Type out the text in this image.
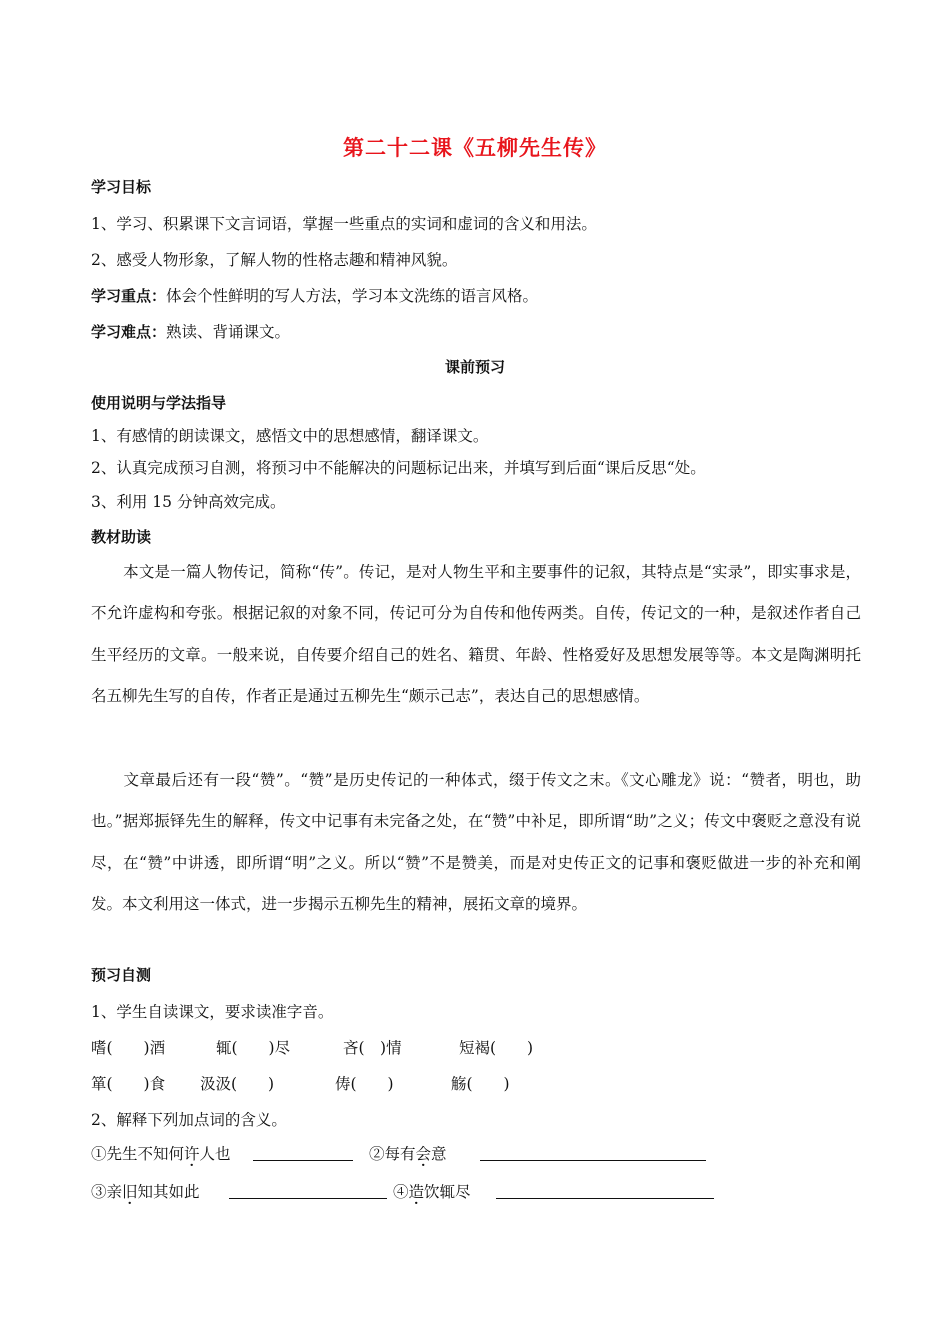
第二十二课《五柳先生传》
学习目标
1、学习、积累课下文言词语，掌握一些重点的实词和虚词的含义和用法。
2、感受人物形象，了解人物的性格志趣和精神风貌。
学习重点：体会个性鲜明的写人方法，学习本文洗练的语言风格。
学习难点：熟读、背诵课文。
课前预习
使用说明与学法指导
1、有感情的朗读课文，感悟文中的思想感情，翻译课文。
2、认真完成预习自测，将预习中不能解决的问题标记出来，并填写到后面“课后反思“处。
3、利用 15 分钟高效完成。
教材助读
本文是一篇人物传记，简称“传”。传记，是对人物生平和主要事件的记叙，其特点是“实录”，即实事求是，不允许虚构和夸张。根据记叙的对象不同，传记可分为自传和他传两类。自传，传记文的一种，是叙述作者自己生平经历的文章。一般来说，自传要介绍自己的姓名、籍贯、年龄、性格爱好及思想发展等等。本文是陶渊明托名五柳先生写的自传，作者正是通过五柳先生“颇示己志”，表达自己的思想感情。
文章最后还有一段“赞”。“赞”是历史传记的一种体式，缀于传文之末。《文心雕龙》说：“赞者，明也，助也。”据郑振铎先生的解释，传文中记事有未完备之处，在“赞”中补足，即所谓“助”之义；传文中褒贬之意没有说尽，在“赞”中讲透，即所谓“明”之义。所以“赞”不是赞美，而是对史传正文的记事和褒贬做进一步的补充和阐发。本文利用这一体式，进一步揭示五柳先生的精神，展拓文章的境界。
预习自测
1、学生自读课文，要求读准字音。
嗜(　　)酒	辄(　　)尽	吝(　)情	短褐(　　)
箪(　　)食 汲汲(　　)	俦(　　)	觞(　　)
2、解释下列加点词的含义。
①先生不知何许人也	②每有会意
③亲旧知其如此	④造饮辄尽
